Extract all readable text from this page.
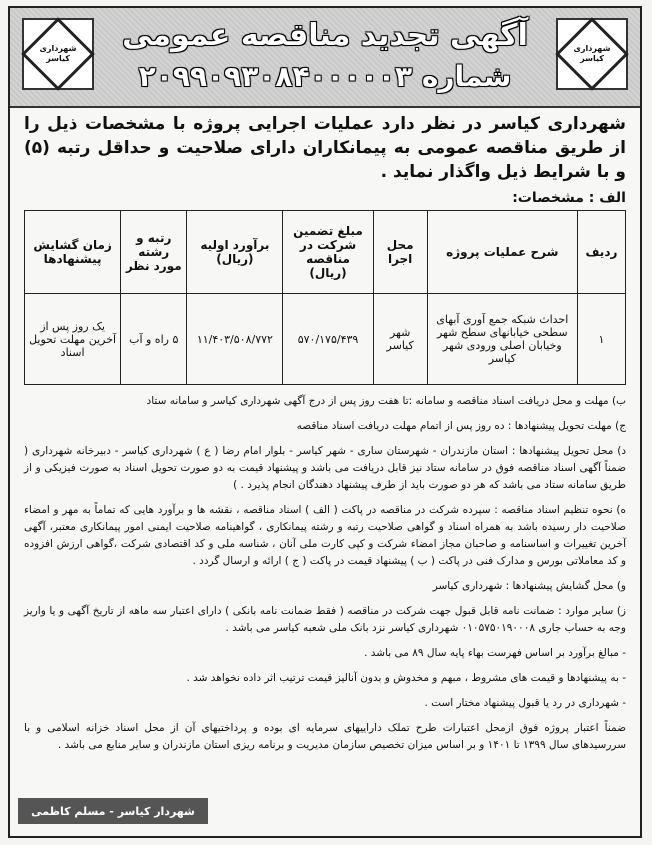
شهرداری کیاسر
شهرداری کیاسر
آگهی تجدید مناقصه عمومی
شماره ۲۰۹۹۰۹۳۰۸۴۰۰۰۰۰۳

شهرداری کیاسر در نظر دارد عملیات اجرایی پروژه با مشخصات ذیل را از طریق مناقصه عمومی به پیمانکاران دارای صلاحیت و حداقل رتبه (۵) و با شرایط ذیل واگذار نماید .

الف : مشخصات:
ردیف	شرح عملیات پروژه	محل اجرا	مبلغ تضمین شرکت در مناقصه (ریال)	برآورد اولیه (ریال)	رتبه و رشته مورد نظر	زمان گشایش پیشنهادها
۱	احداث شبکه جمع آوری آبهای سطحی خیابانهای سطح شهر وخیابان اصلی ورودی شهر کیاسر	شهر کیاسر	۵۷۰/۱۷۵/۴۳۹	۱۱/۴۰۳/۵۰۸/۷۷۲	۵ راه و آب	یک روز پس از آخرین مهلت تحویل اسناد

ب) مهلت و محل دریافت اسناد مناقصه و سامانه :تا هفت روز پس از درج آگهی شهرداری کیاسر و سامانه ستاد

ج) مهلت تحویل پیشنهادها : ده روز پس از اتمام مهلت دریافت اسناد مناقصه

د) محل تحویل پیشنهادها : استان مازندران - شهرستان ساری - شهر کیاسر - بلوار امام رضا ( ع ) شهرداری کیاسر - دبیرخانه شهرداری ( ضمناً آگهی اسناد مناقصه فوق در سامانه ستاد نیز قابل دریافت می باشد و پیشنهاد قیمت به دو صورت تحویل اسناد به صورت فیزیکی و از طریق سامانه ستاد می باشد که هر دو صورت باید از طرف پیشنهاد دهندگان انجام پذیرد . )

ه) نحوه تنظیم اسناد مناقصه : سپرده شرکت در مناقصه در پاکت ( الف ) اسناد مناقصه ، نقشه ها و برآورد هایی که تماماً به مهر و امضاء صلاحیت دار رسیده باشد به همراه اسناد و گواهی صلاحیت رتبه و رشته پیمانکاری ، گواهینامه صلاحیت ایمنی امور پیمانکاری معتبر، آگهی آخرین تغییرات و اساسنامه و صاحبان مجاز امضاء شرکت و کپی کارت ملی آنان ، شناسه ملی و کد اقتصادی شرکت ،گواهی ارزش افزوده و کد معاملاتی بورس و مدارک فنی در پاکت ( ب ) پیشنهاد قیمت در پاکت ( ج ) ارائه و ارسال گردد .

و) محل گشایش پیشنهادها : شهرداری کیاسر

ز) سایر موارد : ضمانت نامه قابل قبول جهت شرکت در مناقصه ( فقط ضمانت نامه بانکی ) دارای اعتبار سه ماهه از تاریخ آگهی و یا واریز وجه به حساب جاری ۰۱۰۵۷۵۰۱۹۰۰۰۸ شهرداری کیاسر نزد بانک ملی شعبه کیاسر می باشد .

- مبالغ برآورد بر اساس فهرست بهاء پایه سال ۸۹ می باشد .

- به پیشنهادها و قیمت های مشروط ، مبهم و مخدوش و بدون آنالیز قیمت ترتیب اثر داده نخواهد شد .

- شهرداری در رد یا قبول پیشنهاد مختار است .

ضمناً اعتبار پروژه فوق ازمحل اعتبارات طرح تملک داراییهای سرمایه ای بوده و پرداختیهای آن از محل اسناد خزانه اسلامی و با سررسیدهای سال ۱۳۹۹ تا ۱۴۰۱ و بر اساس میزان تخصیص سازمان مدیریت و برنامه ریزی استان مازندران و سایر منابع می باشد .

شهردار کیاسر - مسلم کاظمی
